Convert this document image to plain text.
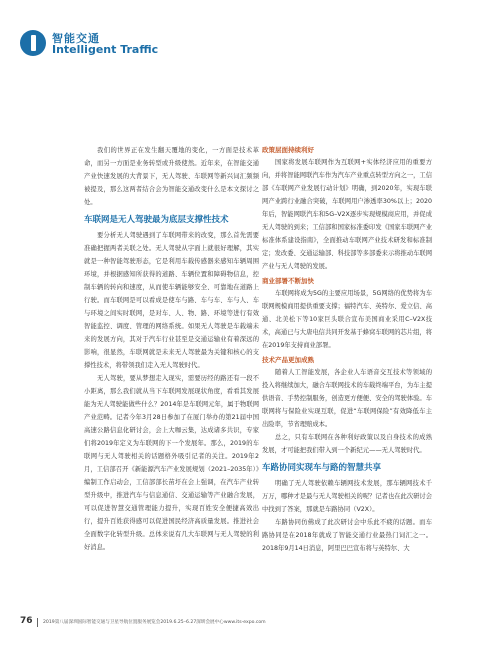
智能交通
Intelligent Traffic

我们的世界正在发生翻天覆地的变化，一方面是技术革命，而另一方面是业务转型或升级使然。近年来，在智能交通产业快速发展的大背景下，无人驾驶、车联网等新兴词汇频频被提及，那么这两者结合会为智能交通改变什么是本文探讨之处。

车联网是无人驾驶最为底层支撑性技术

要分析无人驾驶遇到了车联网带来的改变，那么首先需要准确把握两者关联之处。无人驾驶从字面上就很好理解，其实就是一种智能驾驶形态，它是利用车载传感器来感知车辆周围环境，并根据感知所获得的道路、车辆位置和障碍物信息，控制车辆的转向和速度，从而使车辆能够安全、可靠地在道路上行驶。而车联网是可以看成是使车与路、车与车、车与人、车与环境之间实时联网，是对车、人、物、路、环境等进行有效智能监控、调度、管理的网络系统。如果无人驾驶是车载端未来的发展方向，其对于汽车行业甚至是交通运输业有着深远的影响，很显然，车联网就是未来无人驾驶最为关键和核心的支撑性技术，将带领我们走入无人驾驶时代。

无人驾驶，要从梦想走入现实，需要历经的路还有一段不小距离，那么我们就从当下车联网发展现状角度，看看其发展能为无人驾驶能做些什么？2014年是车联网元年，属于物联网产业范畴。记者今年3月28日参加了在厦门举办的第21届中国高速公路信息化研讨会，会上大咖云集，达成诸多共识，专家们将2019年定义为车联网的下一个发展年。那么，2019的车联网与无人驾驶相关的话题格外吸引记者的关注。2019年2月，工信部召开《新能源汽车产业发展规划（2021–2035年）》编制工作启动会，工信部部长苗圩在会上强调，在汽车产业转型升级中，推进汽车与信息通信、交通运输等产业融合发展，可以促进智慧交通管理能力提升，实现百姓安全便捷高效出行，提升百姓获得感可以促进国民经济高质量发展。推进社会全面数字化转型升级。总体来说有几大车联网与无人驾驶的利好消息。

政策层面持续利好

国家将发展车联网作为互联网+实体经济应用的重要方向，并将智能网联汽车作为汽车产业重点转型方向之一，工信部《车联网产业发展行动计划》明确，到2020年，实现车联网产业跨行业融合突破，车联网用户渗透率30%以上；2020年后，智能网联汽车和5G–V2X逐步实现规模商应用，并促成无人驾驶的到来；工信部和国家标准委印发《国家车联网产业标准体系建设指南》，全面推动车联网产业技术研发和标准制定；发改委、交通运输部、科技部等多部委来示将推动车联网产业与无人驾驶的发展。

商业部署不断加快

车联网将成为5G的主要应用场景，5G网络的优势将为车联网规模商用提供重要支撑；福特汽车、英特尔、爱立信、高通、北美松下等10家巨头联合宣布美国商业采用C–V2X技术，高通已与大唐电信共同开发基于蜂窝车联网的芯片组，将在2019年支持商业部署。

技术产品更加成熟

随着人工智能发展，各企业人车语音交互技术等领域的投入将继续加大，融合车联网技术的车载终端平台，为车主提供语音、手势控制服务，创造更方便便、安全的驾驶体验。车联网将与保险业实现互联，促进“车联网保险”有效降低车主出险率，节省理赔成本。

总之，只有车联网在各种利好政策以及自身技术的成熟发展，才可能把我们带入到一个新纪元——无人驾驶时代。

车路协同实现车与路的智慧共享

明确了无人驾驶依赖车辆网技术发展，那车辆网技术千万万，哪种才是最与无人驾驶相关的呢？记者也在此次研讨会中找到了答案，那就是车路协同（V2X）。

车路协同仿佛成了此次研讨会中乐此不疲的话题。而车路协同是在2018年就成了智能交通行业最热门词汇之一。2018年9月14日消息，阿里巴巴宣布将与英特尔、大

76 2019第八届深圳国际智能交通与卫星导航位置服务展览会2019.6.25–6.27深圳会展中心www.its-expo.com
